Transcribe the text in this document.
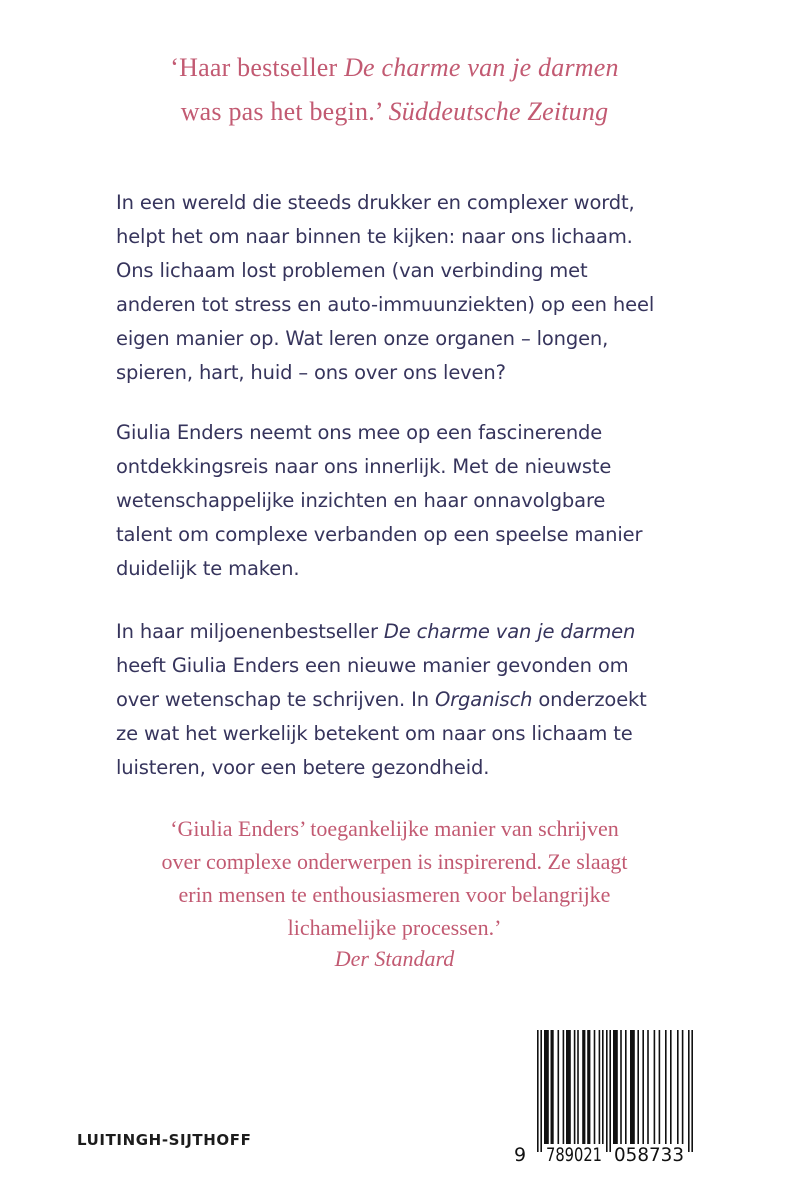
‘Haar bestseller De charme van je darmen
was pas het begin.’ Süddeutsche Zeitung
In een wereld die steeds drukker en complexer wordt,
helpt het om naar binnen te kijken: naar ons lichaam.
Ons lichaam lost problemen (van verbinding met
anderen tot stress en auto-immuunziekten) op een heel
eigen manier op. Wat leren onze organen – longen,
spieren, hart, huid – ons over ons leven?
Giulia Enders neemt ons mee op een fascinerende
ontdekkingsreis naar ons innerlijk. Met de nieuwste
wetenschappelijke inzichten en haar onnavolgbare
talent om complexe verbanden op een speelse manier
duidelijk te maken.
In haar miljoenenbestseller De charme van je darmen
heeft Giulia Enders een nieuwe manier gevonden om
over wetenschap te schrijven. In Organisch onderzoekt
ze wat het werkelijk betekent om naar ons lichaam te
luisteren, voor een betere gezondheid.
‘Giulia Enders’ toegankelijke manier van schrijven
over complexe onderwerpen is inspirerend. Ze slaagt
erin mensen te enthousiasmeren voor belangrijke
lichamelijke processen.’
Der Standard
9 789021 058733
LUITINGH-SIJTHOFF
